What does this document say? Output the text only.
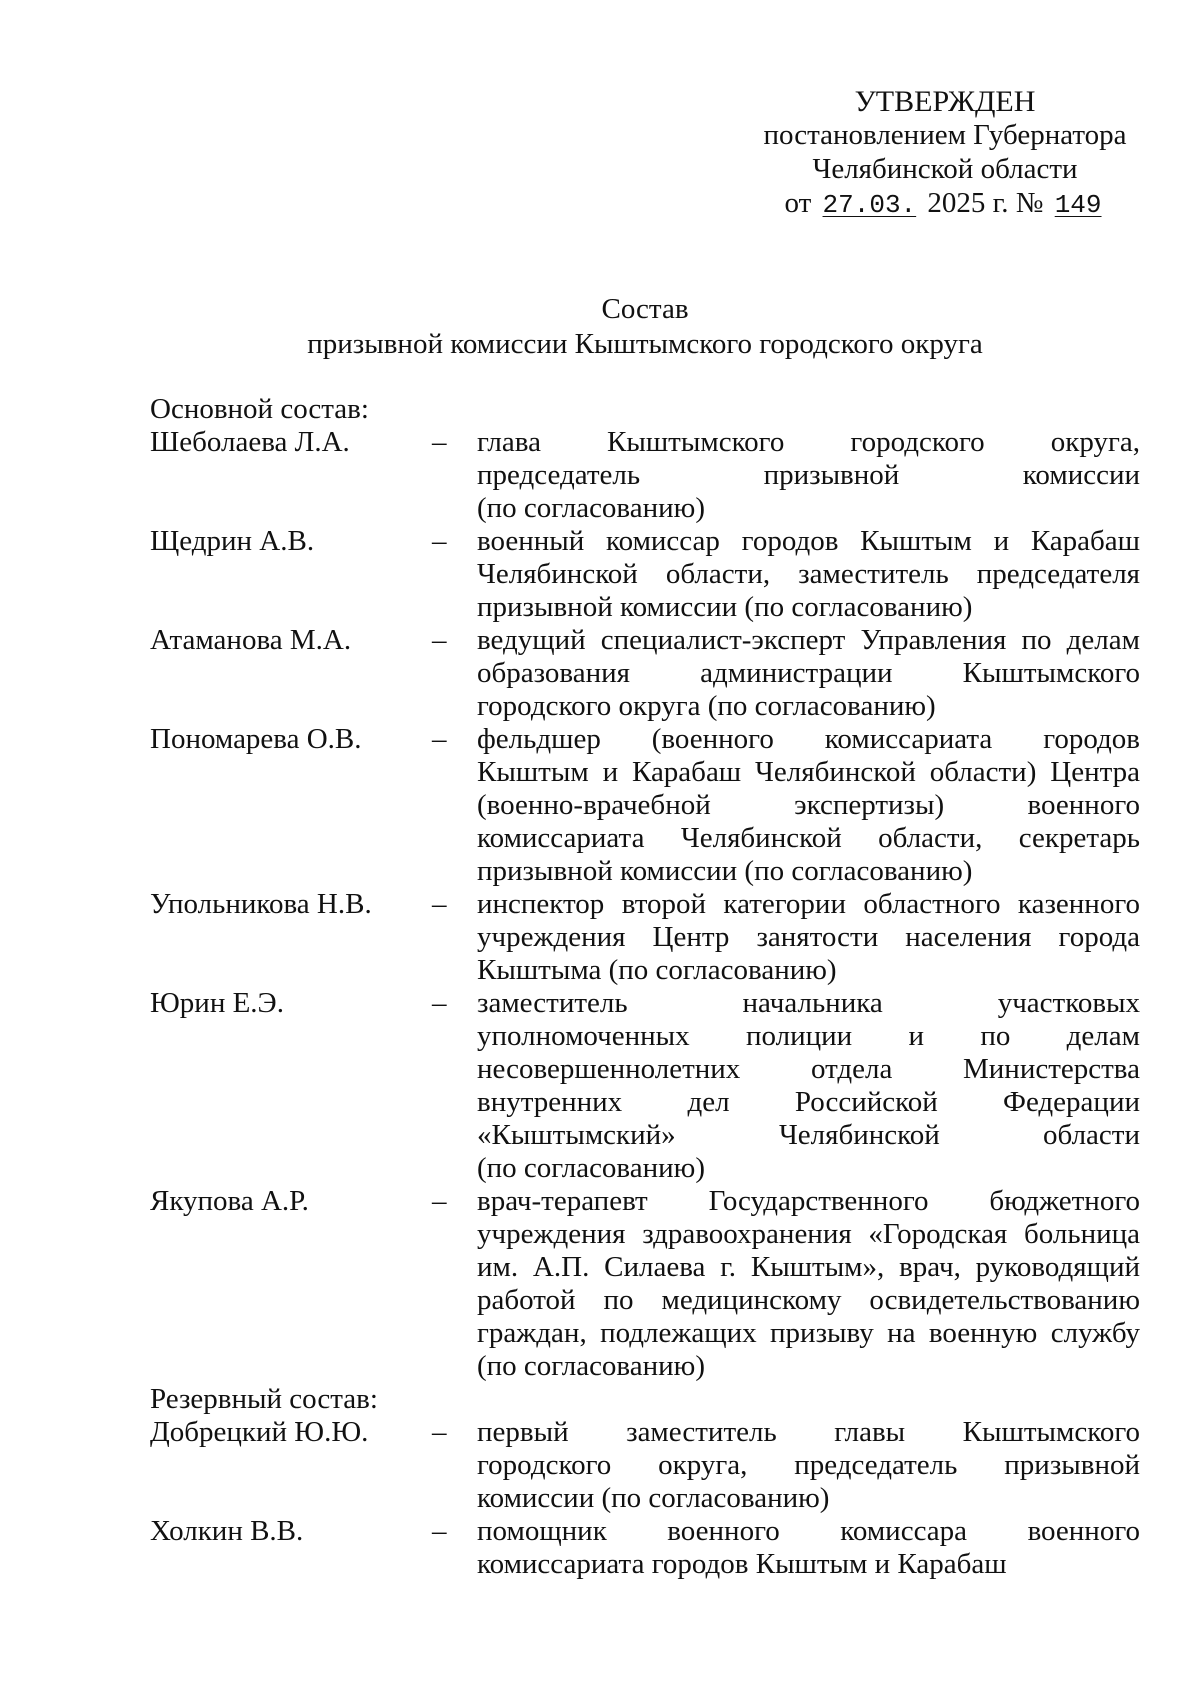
УТВЕРЖДЕН
постановлением Губернатора
Челябинской области
от 27.03. 2025 г. № 149
Состав
призывной комиссии Кыштымского городского округа
Основной состав:
Шеболаева Л.А.	–	глава Кыштымского городского округа,
председатель призывной комиссии
(по согласованию)
Щедрин А.В.	–	военный комиссар городов Кыштым и Карабаш
Челябинской области, заместитель председателя
призывной комиссии (по согласованию)
Атаманова М.А.	–	ведущий специалист-эксперт Управления по делам
образования администрации Кыштымского
городского округа (по согласованию)
Пономарева О.В.	–	фельдшер (военного комиссариата городов
Кыштым и Карабаш Челябинской области) Центра
(военно-врачебной экспертизы) военного
комиссариата Челябинской области, секретарь
призывной комиссии (по согласованию)
Упольникова Н.В.	–	инспектор второй категории областного казенного
учреждения Центр занятости населения города
Кыштыма (по согласованию)
Юрин Е.Э.	–	заместитель начальника участковых
уполномоченных полиции и по делам
несовершеннолетних отдела Министерства
внутренних дел Российской Федерации
«Кыштымский» Челябинской области
(по согласованию)
Якупова А.Р.	–	врач-терапевт Государственного бюджетного
учреждения здравоохранения «Городская больница
им. А.П. Силаева г. Кыштым», врач, руководящий
работой по медицинскому освидетельствованию
граждан, подлежащих призыву на военную службу
(по согласованию)
Резервный состав:
Добрецкий Ю.Ю.	–	первый заместитель главы Кыштымского
городского округа, председатель призывной
комиссии (по согласованию)
Холкин В.В.	–	помощник военного комиссара военного
комиссариата городов Кыштым и Карабаш
